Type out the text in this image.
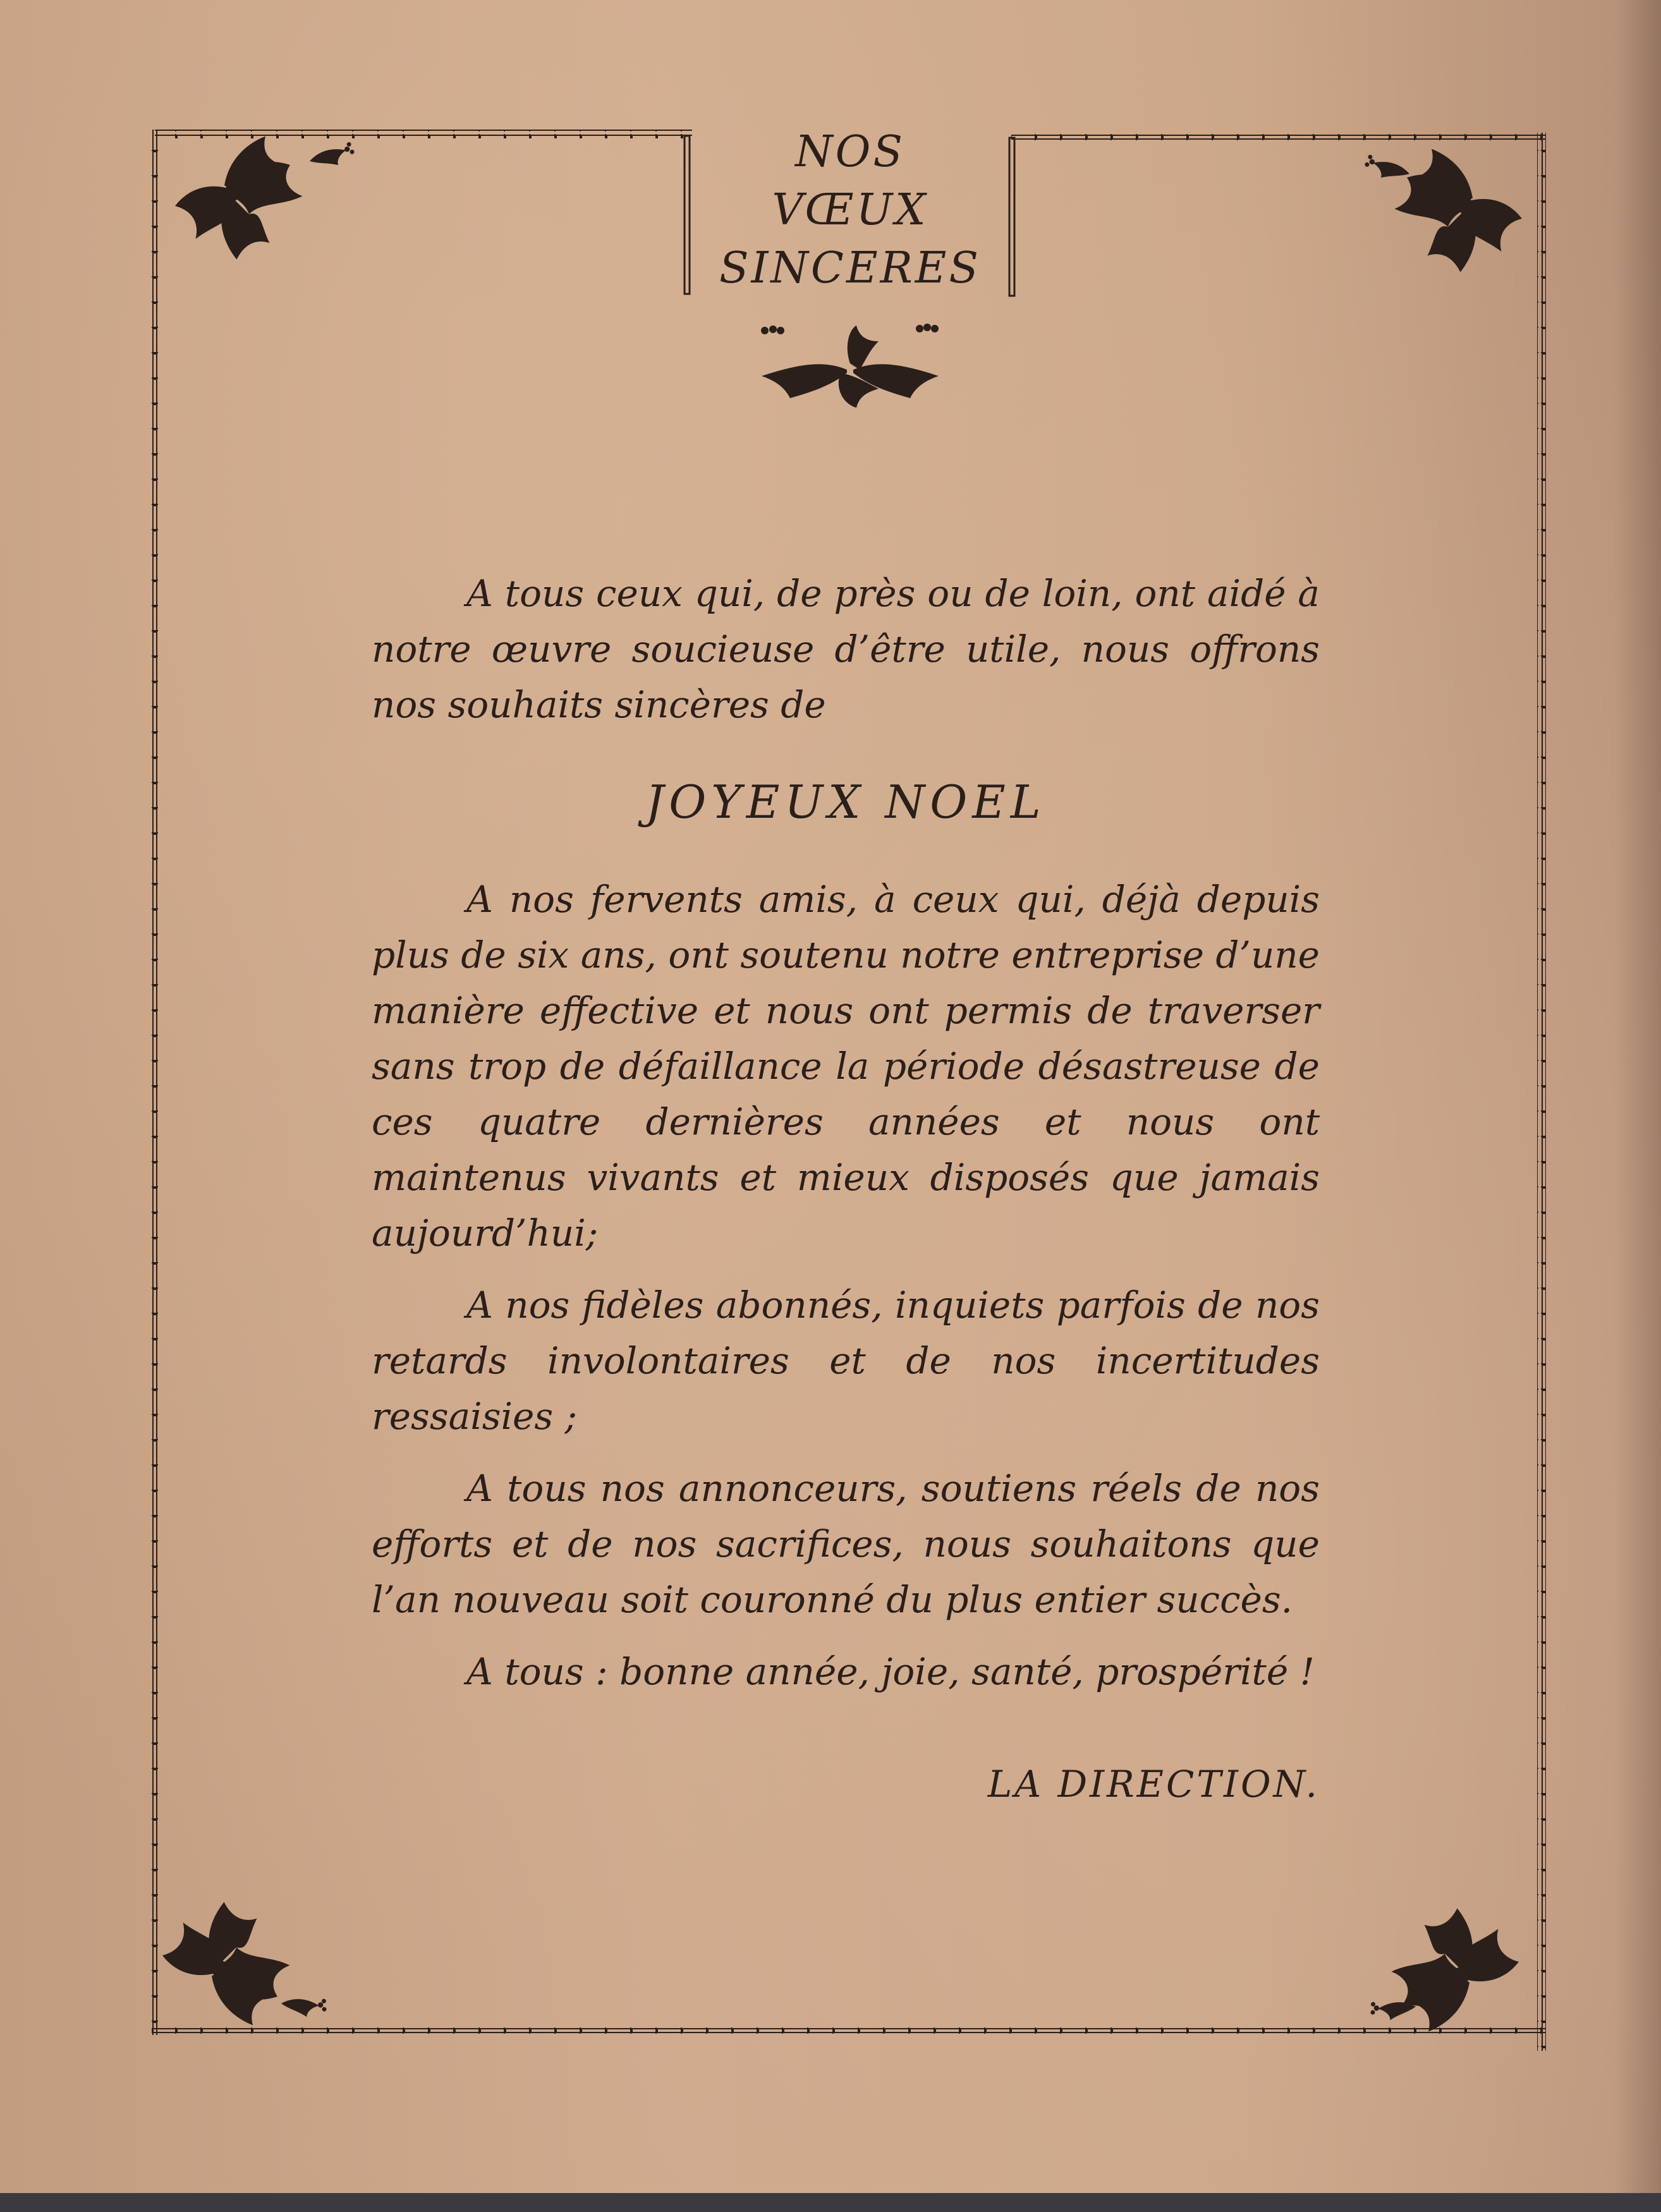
NOS
VŒUX
SINCERES

A tous ceux qui, de près ou de loin, ont aidé à notre œuvre soucieuse d’être utile, nous offrons nos souhaits sincères de

JOYEUX NOEL

A nos fervents amis, à ceux qui, déjà depuis plus de six ans, ont soutenu notre entreprise d’une manière effective et nous ont permis de traverser sans trop de défaillance la période désastreuse de ces quatre dernières années et nous ont maintenus vivants et mieux disposés que jamais aujourd’hui;

A nos fidèles abonnés, inquiets parfois de nos retards involontaires et de nos incertitudes ressaisies ;

A tous nos annonceurs, soutiens réels de nos efforts et de nos sacrifices, nous souhaitons que l’an nouveau soit couronné du plus entier succès.

A tous : bonne année, joie, santé, prospérité !

LA DIRECTION.
